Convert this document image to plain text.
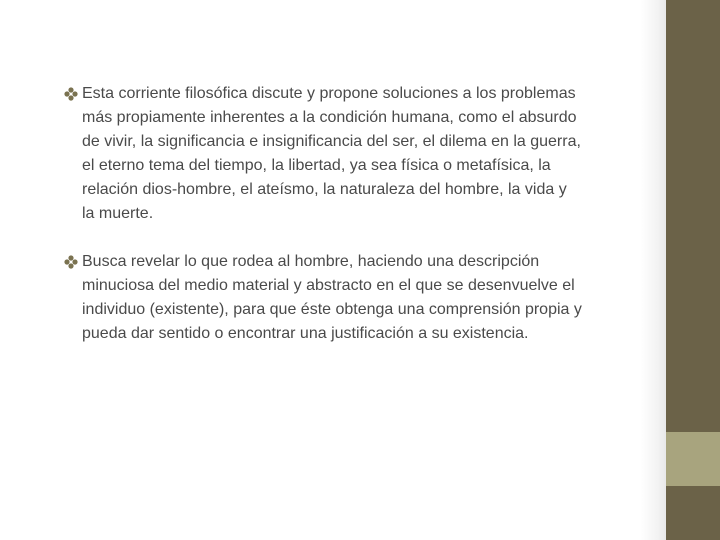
Esta corriente filosófica discute y propone soluciones a los problemas más propiamente inherentes a la condición humana, como el absurdo de vivir, la significancia e insignificancia del ser, el dilema en la guerra, el eterno tema del tiempo, la libertad, ya sea física o metafísica, la relación dios-hombre, el ateísmo, la naturaleza del hombre, la vida y la muerte.
Busca revelar lo que rodea al hombre, haciendo una descripción minuciosa del medio material y abstracto en el que se desenvuelve el individuo (existente), para que éste obtenga una comprensión propia y pueda dar sentido o encontrar una justificación a su existencia.
